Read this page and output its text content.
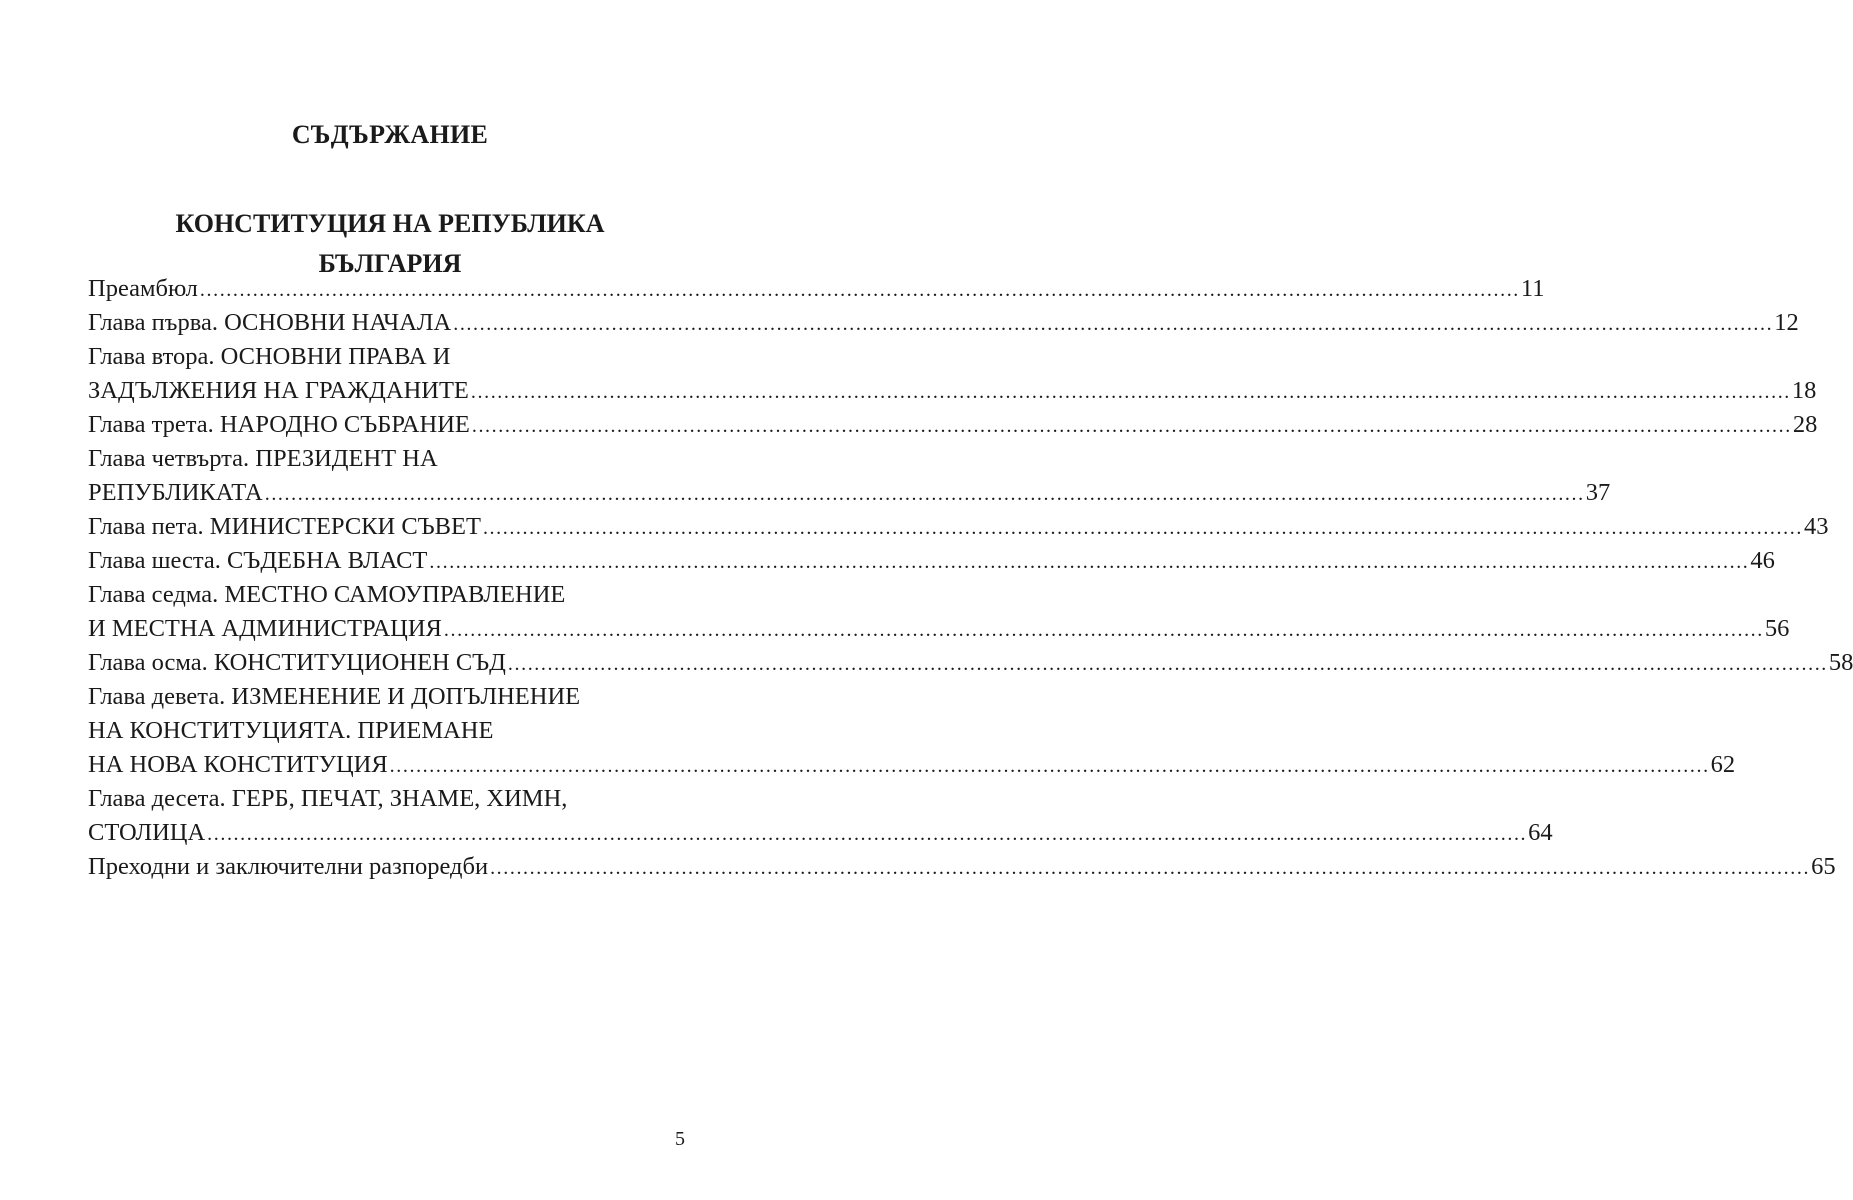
СЪДЪРЖАНИЕ
КОНСТИТУЦИЯ НА РЕПУБЛИКА
БЪЛГАРИЯ
Преамбюл ........................................................................................................................................................................................................ 11
Глава първа. ОСНОВНИ НАЧАЛА ........................................................................................................................................................................................................ 12
Глава втора. ОСНОВНИ ПРАВА И
ЗАДЪЛЖЕНИЯ НА ГРАЖДАНИТЕ ........................................................................................................................................................................................................ 18
Глава трета. НАРОДНО СЪБРАНИЕ ........................................................................................................................................................................................................ 28
Глава четвърта. ПРЕЗИДЕНТ НА
РЕПУБЛИКАТА ........................................................................................................................................................................................................ 37
Глава пета. МИНИСТЕРСКИ СЪВЕТ ........................................................................................................................................................................................................ 43
Глава шеста. СЪДЕБНА ВЛАСТ ........................................................................................................................................................................................................ 46
Глава седма. МЕСТНО САМОУПРАВЛЕНИЕ
И МЕСТНА АДМИНИСТРАЦИЯ ........................................................................................................................................................................................................ 56
Глава осма. КОНСТИТУЦИОНЕН СЪД ........................................................................................................................................................................................................ 58
Глава девета. ИЗМЕНЕНИЕ И ДОПЪЛНЕНИЕ
НА КОНСТИТУЦИЯТА. ПРИЕМАНЕ
НА НОВА КОНСТИТУЦИЯ ........................................................................................................................................................................................................ 62
Глава десета. ГЕРБ, ПЕЧАТ, ЗНАМЕ, ХИМН,
СТОЛИЦА ........................................................................................................................................................................................................ 64
Преходни и заключителни разпоредби ........................................................................................................................................................................................................ 65
5
